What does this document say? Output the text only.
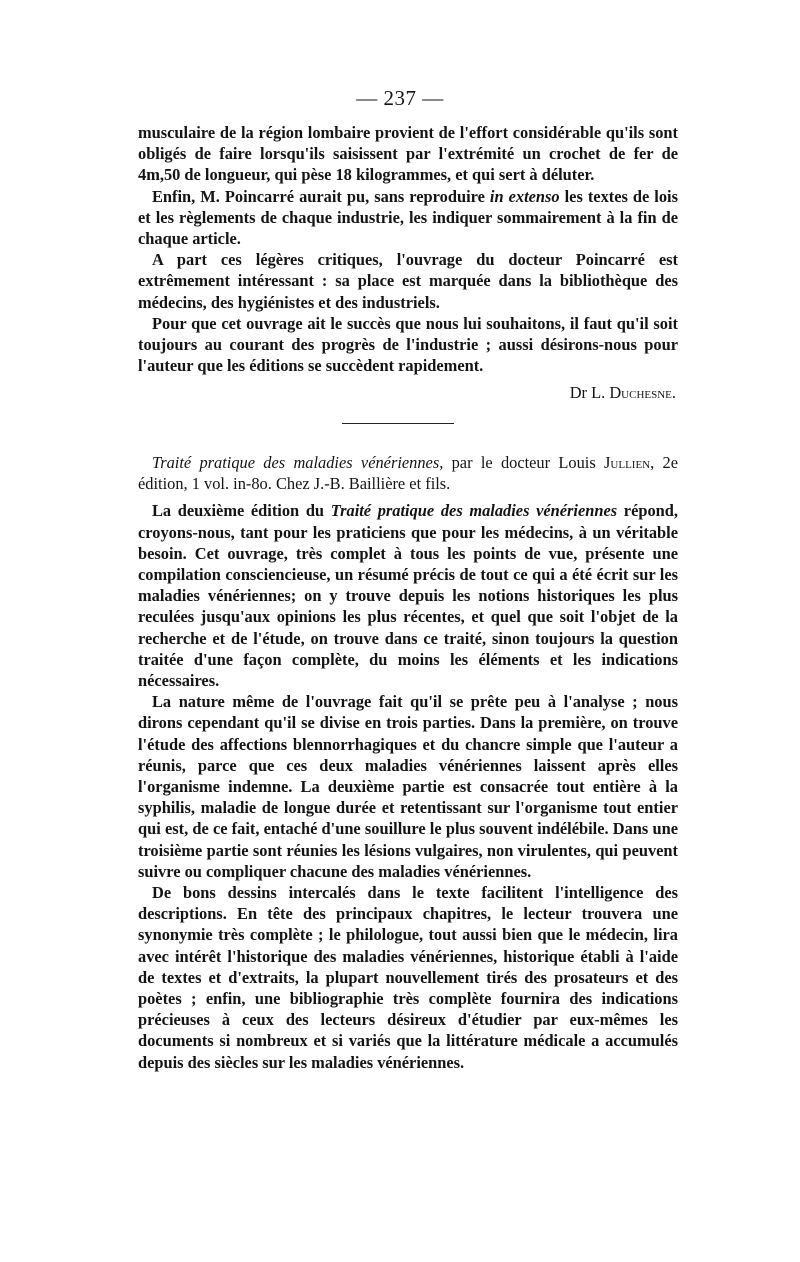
— 237 —

musculaire de la région lombaire provient de l'effort considérable qu'ils sont obligés de faire lorsqu'ils saisissent par l'extrémité un crochet de fer de 4m,50 de longueur, qui pèse 18 kilogrammes, et qui sert à déluter.

Enfin, M. Poincarré aurait pu, sans reproduire in extenso les textes de lois et les règlements de chaque industrie, les indiquer sommairement à la fin de chaque article.

A part ces légères critiques, l'ouvrage du docteur Poincarré est extrêmement intéressant : sa place est marquée dans la bibliothèque des médecins, des hygiénistes et des industriels.

Pour que cet ouvrage ait le succès que nous lui souhaitons, il faut qu'il soit toujours au courant des progrès de l'industrie ; aussi désirons-nous pour l'auteur que les éditions se succèdent rapidement.

Dr L. Duchesne.

Traité pratique des maladies vénériennes, par le docteur Louis Jullien, 2e édition, 1 vol. in-8o. Chez J.-B. Baillière et fils.

La deuxième édition du Traité pratique des maladies vénériennes répond, croyons-nous, tant pour les praticiens que pour les médecins, à un véritable besoin. Cet ouvrage, très complet à tous les points de vue, présente une compilation consciencieuse, un résumé précis de tout ce qui a été écrit sur les maladies vénériennes; on y trouve depuis les notions historiques les plus reculées jusqu'aux opinions les plus récentes, et quel que soit l'objet de la recherche et de l'étude, on trouve dans ce traité, sinon toujours la question traitée d'une façon complète, du moins les éléments et les indications nécessaires.

La nature même de l'ouvrage fait qu'il se prête peu à l'analyse ; nous dirons cependant qu'il se divise en trois parties. Dans la première, on trouve l'étude des affections blennorrhagiques et du chancre simple que l'auteur a réunis, parce que ces deux maladies vénériennes laissent après elles l'organisme indemne. La deuxième partie est consacrée tout entière à la syphilis, maladie de longue durée et retentissant sur l'organisme tout entier qui est, de ce fait, entaché d'une souillure le plus souvent indélébile. Dans une troisième partie sont réunies les lésions vulgaires, non virulentes, qui peuvent suivre ou compliquer chacune des maladies vénériennes.

De bons dessins intercalés dans le texte facilitent l'intelligence des descriptions. En tête des principaux chapitres, le lecteur trouvera une synonymie très complète ; le philologue, tout aussi bien que le médecin, lira avec intérêt l'historique des maladies vénériennes, historique établi à l'aide de textes et d'extraits, la plupart nouvellement tirés des prosateurs et des poètes ; enfin, une bibliographie très complète fournira des indications précieuses à ceux des lecteurs désireux d'étudier par eux-mêmes les documents si nombreux et si variés que la littérature médicale a accumulés depuis des siècles sur les maladies vénériennes.
